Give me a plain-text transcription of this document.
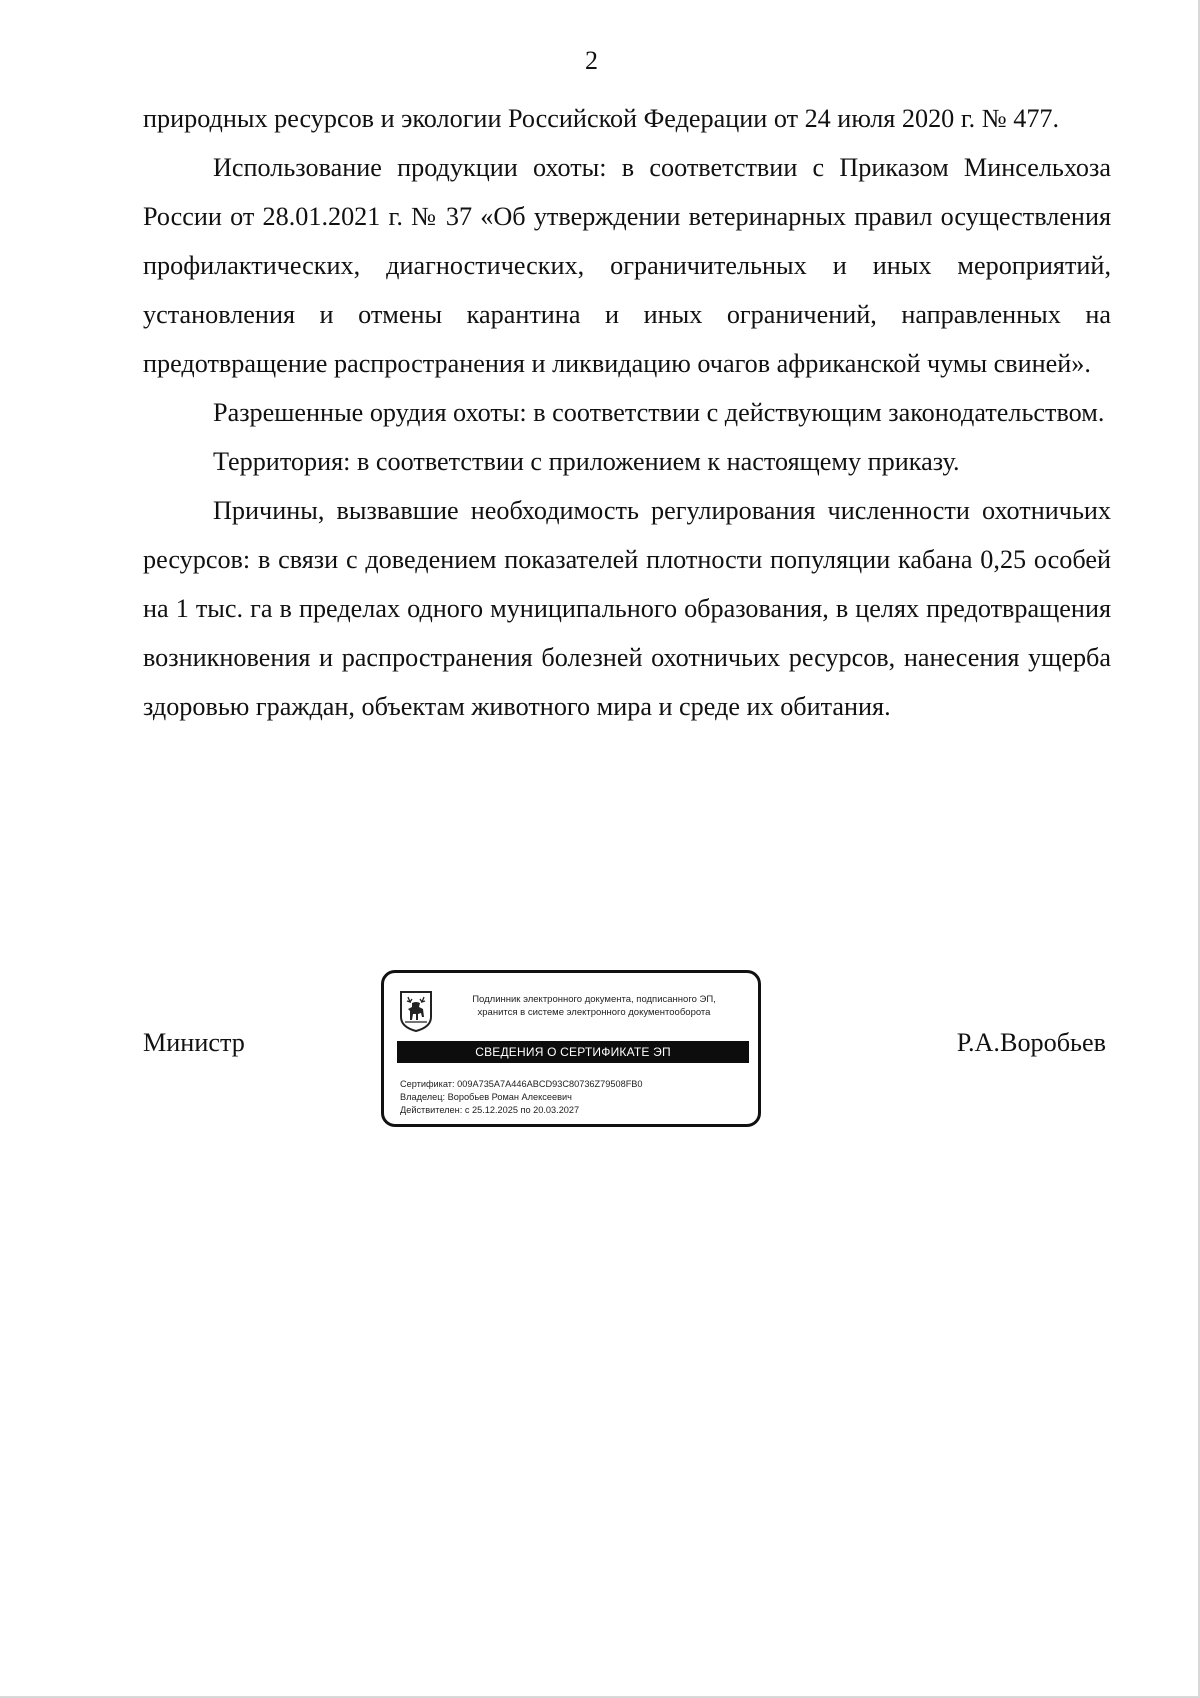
2

природных ресурсов и экологии Российской Федерации от 24 июля 2020 г. № 477.

Использование продукции охоты: в соответствии с Приказом Минсельхоза России от 28.01.2021 г. № 37 «Об утверждении ветеринарных правил осуществления профилактических, диагностических, ограничительных и иных мероприятий, установления и отмены карантина и иных ограничений, направленных на предотвращение распространения и ликвидацию очагов африканской чумы свиней».

Разрешенные орудия охоты: в соответствии с действующим законодательством.

Территория: в соответствии с приложением к настоящему приказу.

Причины, вызвавшие необходимость регулирования численности охотничьих ресурсов: в связи с доведением показателей плотности популяции кабана 0,25 особей на 1 тыс. га в пределах одного муниципального образования, в целях предотвращения возникновения и распространения болезней охотничьих ресурсов, нанесения ущерба здоровью граждан, объектам животного мира и среде их обитания.

Министр
Подлинник электронного документа, подписанного ЭП,
хранится в системе электронного документооборота
СВЕДЕНИЯ О СЕРТИФИКАТЕ ЭП
Сертификат: 009A735A7A446ABCD93C80736Z79508FB0
Владелец: Воробьев Роман Алексеевич
Действителен: с 25.12.2025 по 20.03.2027
Р.А.Воробьев
